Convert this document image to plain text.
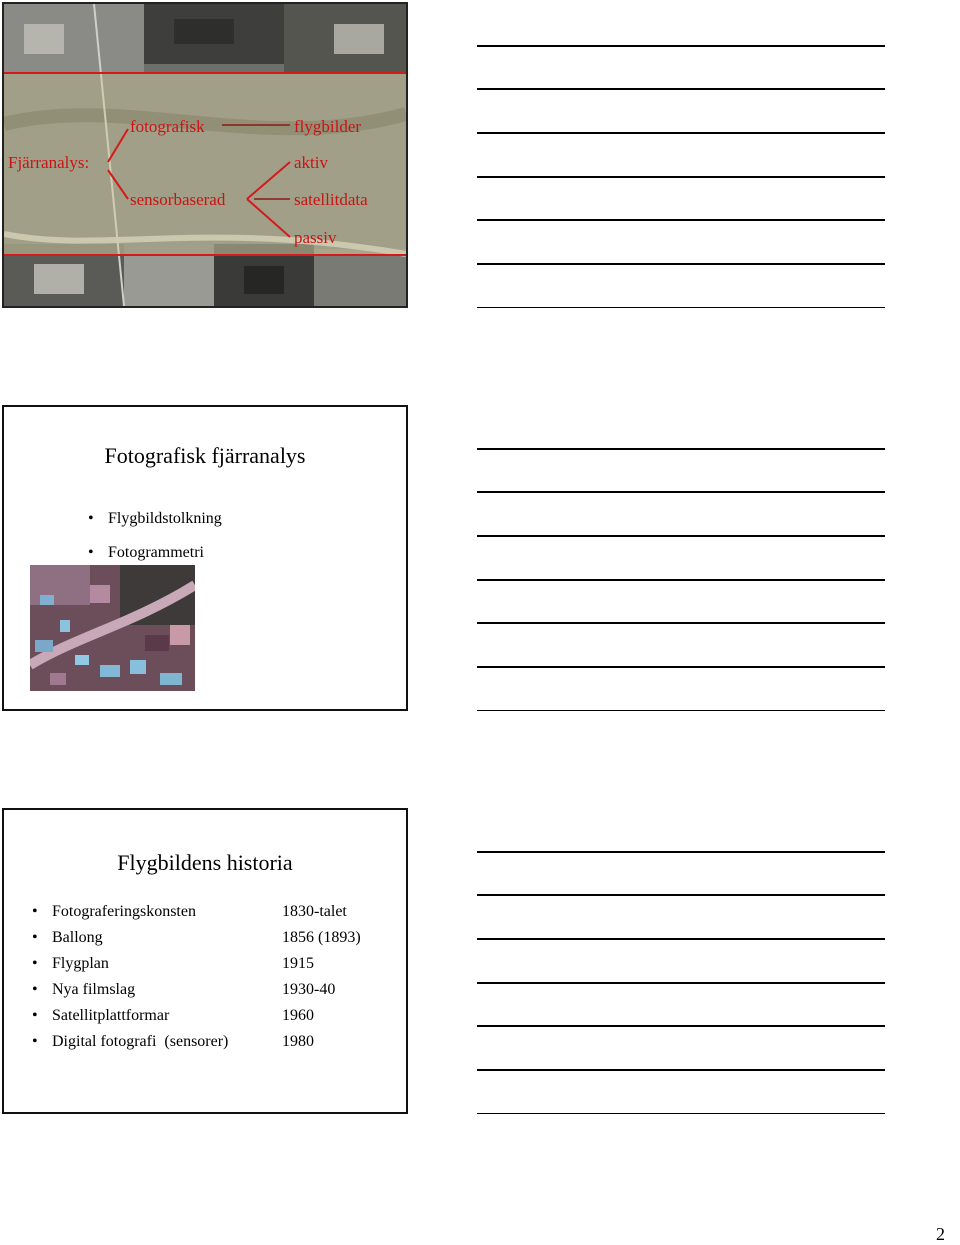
Fjärranalys:
fotografisk
sensorbaserad
flygbilder
aktiv
satellitdata
passiv
Fotografisk fjärranalys
• Flygbildstolkning
• Fotogrammetri
Flygbildens historia
• Fotograferingskonsten	1830-talet
• Ballong	1856 (1893)
• Flygplan	1915
• Nya filmslag	1930-40
• Satellitplattformar	1960
• Digital fotografi  (sensorer)	1980
2
